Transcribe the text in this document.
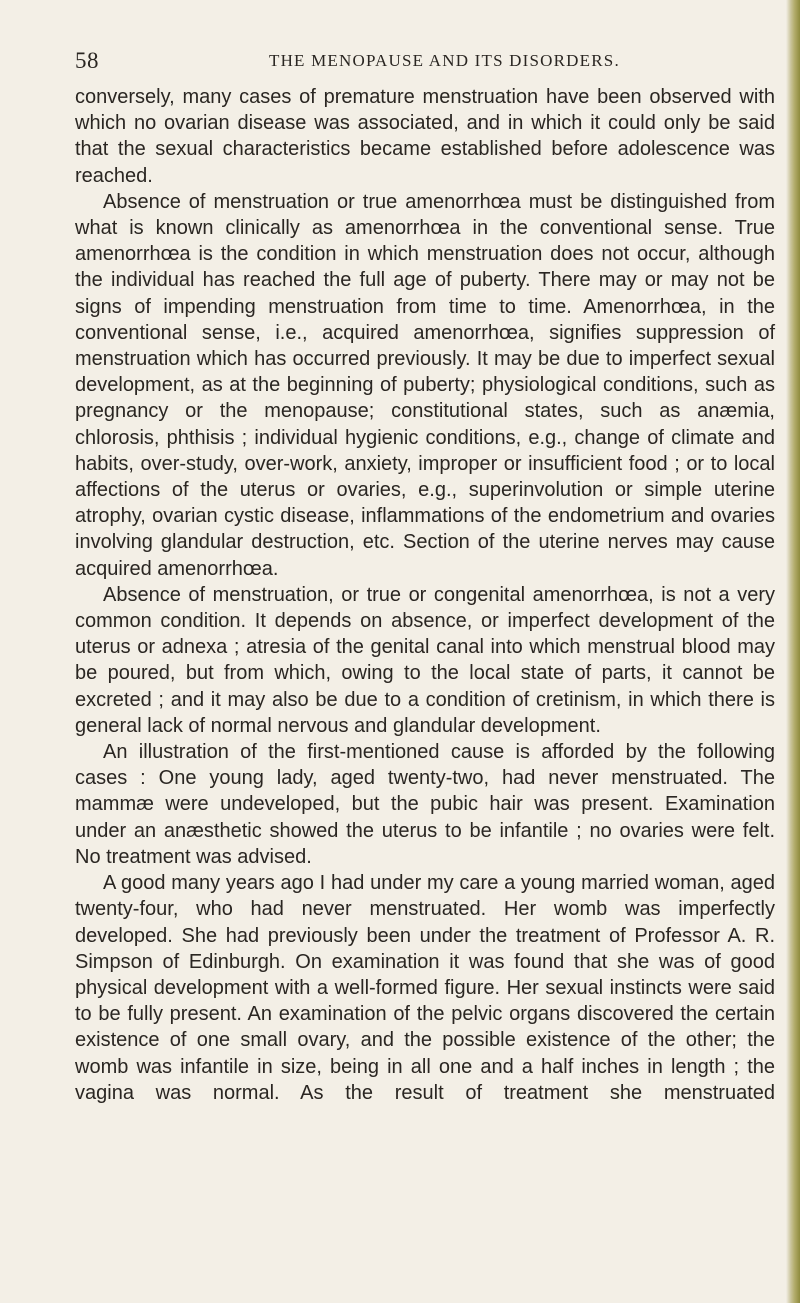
58	THE MENOPAUSE AND ITS DISORDERS.

conversely, many cases of premature menstruation have been observed with which no ovarian disease was associated, and in which it could only be said that the sexual characteristics became established before adolescence was reached.

Absence of menstruation or true amenorrhœa must be distinguished from what is known clinically as amenorrhœa in the conventional sense. True amenorrhœa is the condition in which menstruation does not occur, although the individual has reached the full age of puberty. There may or may not be signs of impending menstruation from time to time. Amenorrhœa, in the conventional sense, i.e., acquired amenorrhœa, signifies suppression of menstruation which has occurred previously. It may be due to imperfect sexual development, as at the beginning of puberty; physiological conditions, such as pregnancy or the menopause; constitutional states, such as anæmia, chlorosis, phthisis ; individual hygienic conditions, e.g., change of climate and habits, over-study, over-work, anxiety, improper or insufficient food ; or to local affections of the uterus or ovaries, e.g., superinvolution or simple uterine atrophy, ovarian cystic disease, inflammations of the endometrium and ovaries involving glandular destruction, etc. Section of the uterine nerves may cause acquired amenorrhœa.

Absence of menstruation, or true or congenital amenorrhœa, is not a very common condition. It depends on absence, or imperfect development of the uterus or adnexa ; atresia of the genital canal into which menstrual blood may be poured, but from which, owing to the local state of parts, it cannot be excreted ; and it may also be due to a condition of cretinism, in which there is general lack of normal nervous and glandular development.

An illustration of the first-mentioned cause is afforded by the following cases : One young lady, aged twenty-two, had never menstruated. The mammæ were undeveloped, but the pubic hair was present. Examination under an anæsthetic showed the uterus to be infantile ; no ovaries were felt. No treatment was advised.

A good many years ago I had under my care a young married woman, aged twenty-four, who had never menstruated. Her womb was imperfectly developed. She had previously been under the treatment of Professor A. R. Simpson of Edinburgh. On examination it was found that she was of good physical development with a well-formed figure. Her sexual instincts were said to be fully present. An examination of the pelvic organs discovered the certain existence of one small ovary, and the possible existence of the other; the womb was infantile in size, being in all one and a half inches in length ; the vagina was normal. As the result of treatment she menstruated
